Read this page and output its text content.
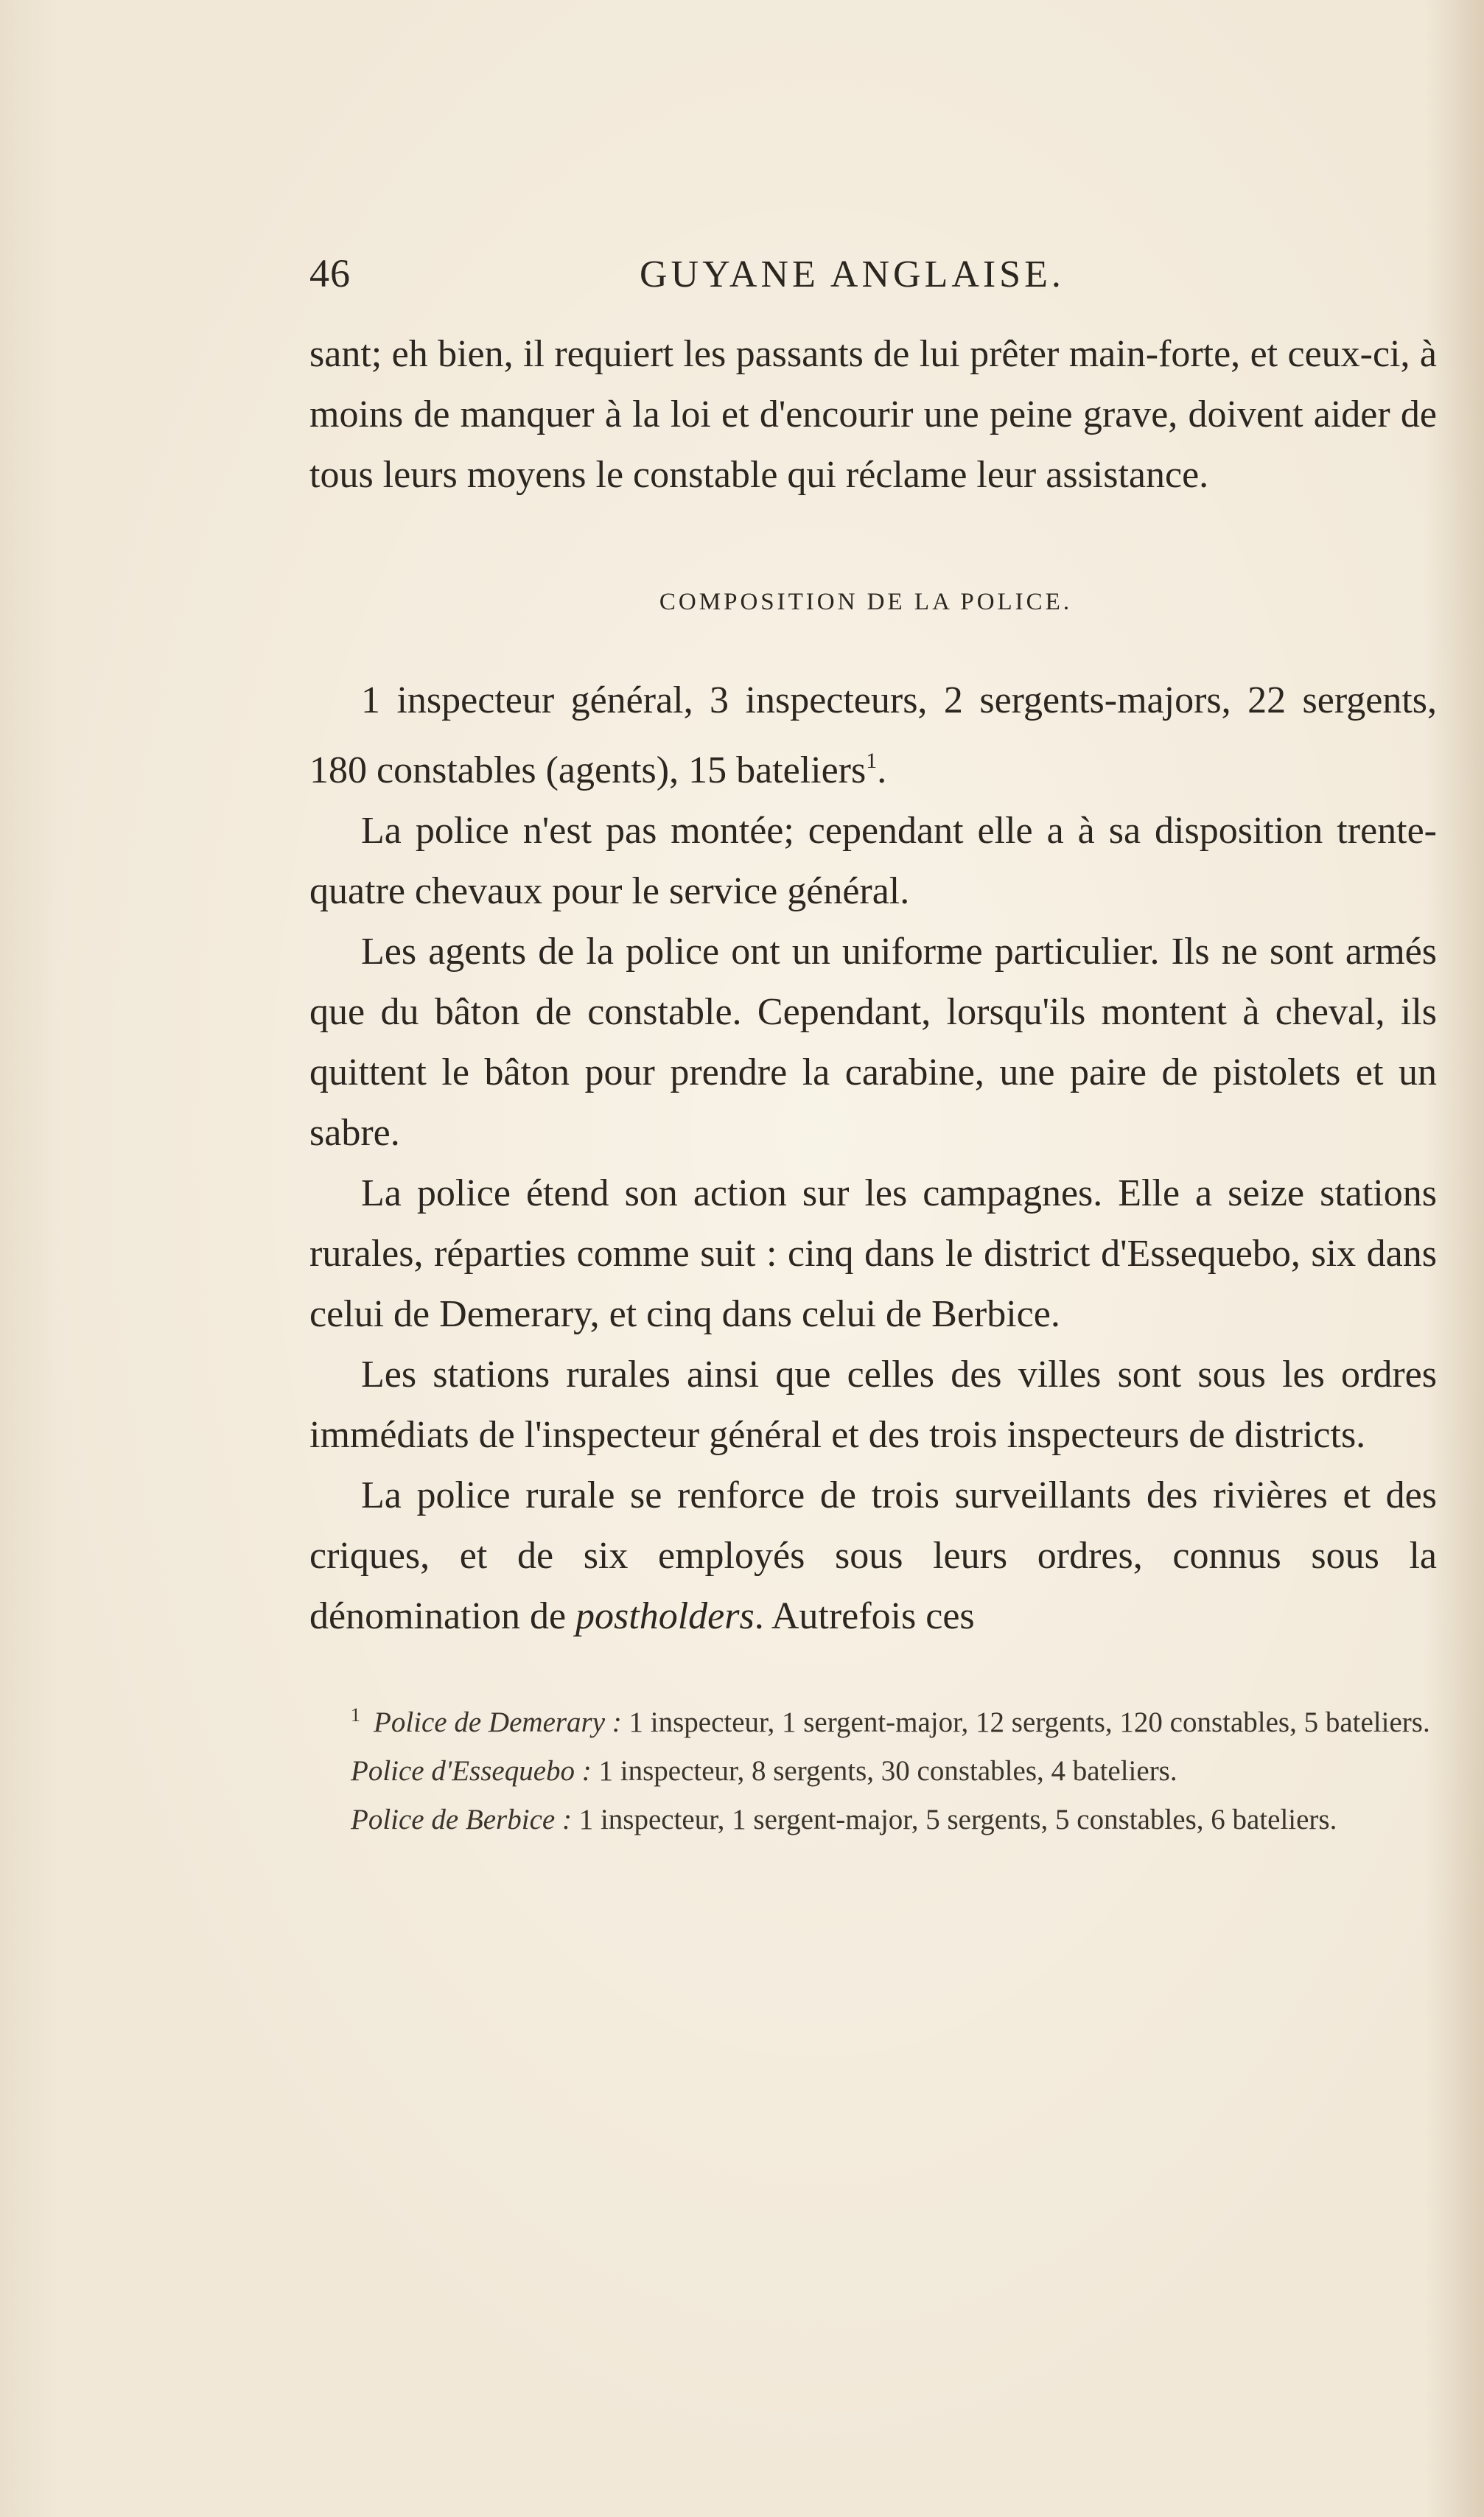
46	GUYANE ANGLAISE.

sant; eh bien, il requiert les passants de lui prêter main-forte, et ceux-ci, à moins de manquer à la loi et d'encourir une peine grave, doivent aider de tous leurs moyens le constable qui réclame leur assistance.

COMPOSITION DE LA POLICE.

1 inspecteur général, 3 inspecteurs, 2 sergents-majors, 22 sergents, 180 constables (agents), 15 bateliers$^1$.

La police n'est pas montée; cependant elle a à sa disposition trente-quatre chevaux pour le service général.

Les agents de la police ont un uniforme particulier. Ils ne sont armés que du bâton de constable. Cependant, lorsqu'ils montent à cheval, ils quittent le bâton pour prendre la carabine, une paire de pistolets et un sabre.

La police étend son action sur les campagnes. Elle a seize stations rurales, réparties comme suit : cinq dans le district d'Essequebo, six dans celui de Demerary, et cinq dans celui de Berbice.

Les stations rurales ainsi que celles des villes sont sous les ordres immédiats de l'inspecteur général et des trois inspecteurs de districts.

La police rurale se renforce de trois surveillants des rivières et des criques, et de six employés sous leurs ordres, connus sous la dénomination de postholders. Autrefois ces

$^1$ Police de Demerary : 1 inspecteur, 1 sergent-major, 12 sergents, 120 constables, 5 bateliers.

Police d'Essequebo : 1 inspecteur, 8 sergents, 30 constables, 4 bateliers.

Police de Berbice : 1 inspecteur, 1 sergent-major, 5 sergents, 5 constables, 6 bateliers.
